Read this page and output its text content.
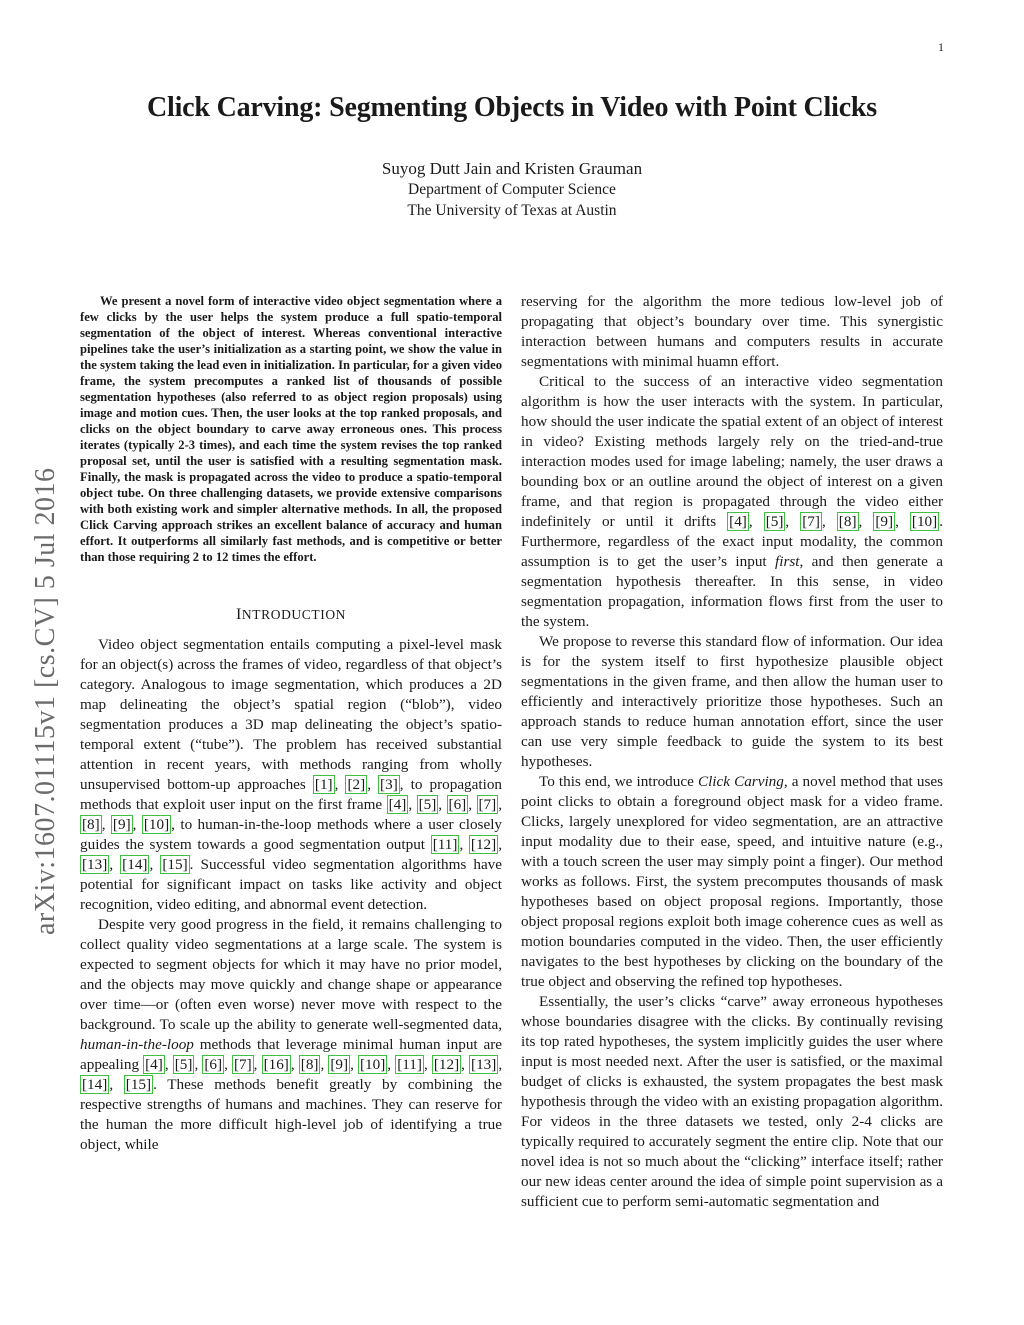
1
arXiv:1607.01115v1 [cs.CV] 5 Jul 2016
Click Carving: Segmenting Objects in Video with Point Clicks
Suyog Dutt Jain and Kristen Grauman
Department of Computer Science
The University of Texas at Austin

We present a novel form of interactive video object segmentation where a few clicks by the user helps the system produce a full spatio-temporal segmentation of the object of interest. Whereas conventional interactive pipelines take the user’s initialization as a starting point, we show the value in the system taking the lead even in initialization. In particular, for a given video frame, the system precomputes a ranked list of thousands of possible segmentation hypotheses (also referred to as object region proposals) using image and motion cues. Then, the user looks at the top ranked proposals, and clicks on the object boundary to carve away erroneous ones. This process iterates (typically 2-3 times), and each time the system revises the top ranked proposal set, until the user is satisfied with a resulting segmentation mask. Finally, the mask is propagated across the video to produce a spatio-temporal object tube. On three challenging datasets, we provide extensive comparisons with both existing work and simpler alternative methods. In all, the proposed Click Carving approach strikes an excellent balance of accuracy and human effort. It outperforms all similarly fast methods, and is competitive or better than those requiring 2 to 12 times the effort.

INTRODUCTION

Video object segmentation entails computing a pixel-level mask for an object(s) across the frames of video, regardless of that object’s category. Analogous to image segmentation, which produces a 2D map delineating the object’s spatial region (“blob”), video segmentation produces a 3D map delineating the object’s spatio-temporal extent (“tube”). The problem has received substantial attention in recent years, with methods ranging from wholly unsupervised bottom-up approaches [1] , [2] , [3] , to propagation methods that exploit user input on the first frame [4] , [5] , [6] , [7] , [8] , [9] , [10] , to human-in-the-loop methods where a user closely guides the system towards a good segmentation output [11] , [12] , [13] , [14] , [15] . Successful video segmentation algorithms have potential for significant impact on tasks like activity and object recognition, video editing, and abnormal event detection.

Despite very good progress in the field, it remains challenging to collect quality video segmentations at a large scale. The system is expected to segment objects for which it may have no prior model, and the objects may move quickly and change shape or appearance over time—or (often even worse) never move with respect to the background. To scale up the ability to generate well-segmented data, human-in-the-loop methods that leverage minimal human input are appealing [4] , [5] , [6] , [7] , [16] , [8] , [9] , [10] , [11] , [12] , [13] , [14] , [15] . These methods benefit greatly by combining the respective strengths of humans and machines. They can reserve for the human the more difficult high-level job of identifying a true object, while

reserving for the algorithm the more tedious low-level job of propagating that object’s boundary over time. This synergistic interaction between humans and computers results in accurate segmentations with minimal huamn effort.

Critical to the success of an interactive video segmentation algorithm is how the user interacts with the system. In particular, how should the user indicate the spatial extent of an object of interest in video? Existing methods largely rely on the tried-and-true interaction modes used for image labeling; namely, the user draws a bounding box or an outline around the object of interest on a given frame, and that region is propagated through the video either indefinitely or until it drifts [4] , [5] , [7] , [8] , [9] , [10] . Furthermore, regardless of the exact input modality, the common assumption is to get the user’s input first, and then generate a segmentation hypothesis thereafter. In this sense, in video segmentation propagation, information flows first from the user to the system.

We propose to reverse this standard flow of information. Our idea is for the system itself to first hypothesize plausible object segmentations in the given frame, and then allow the human user to efficiently and interactively prioritize those hypotheses. Such an approach stands to reduce human annotation effort, since the user can use very simple feedback to guide the system to its best hypotheses.

To this end, we introduce Click Carving, a novel method that uses point clicks to obtain a foreground object mask for a video frame. Clicks, largely unexplored for video segmentation, are an attractive input modality due to their ease, speed, and intuitive nature (e.g., with a touch screen the user may simply point a finger). Our method works as follows. First, the system precomputes thousands of mask hypotheses based on object proposal regions. Importantly, those object proposal regions exploit both image coherence cues as well as motion boundaries computed in the video. Then, the user efficiently navigates to the best hypotheses by clicking on the boundary of the true object and observing the refined top hypotheses.

Essentially, the user’s clicks “carve” away erroneous hypotheses whose boundaries disagree with the clicks. By continually revising its top rated hypotheses, the system implicitly guides the user where input is most needed next. After the user is satisfied, or the maximal budget of clicks is exhausted, the system propagates the best mask hypothesis through the video with an existing propagation algorithm. For videos in the three datasets we tested, only 2-4 clicks are typically required to accurately segment the entire clip. Note that our novel idea is not so much about the “clicking” interface itself; rather our new ideas center around the idea of simple point supervision as a sufficient cue to perform semi-automatic segmentation and
